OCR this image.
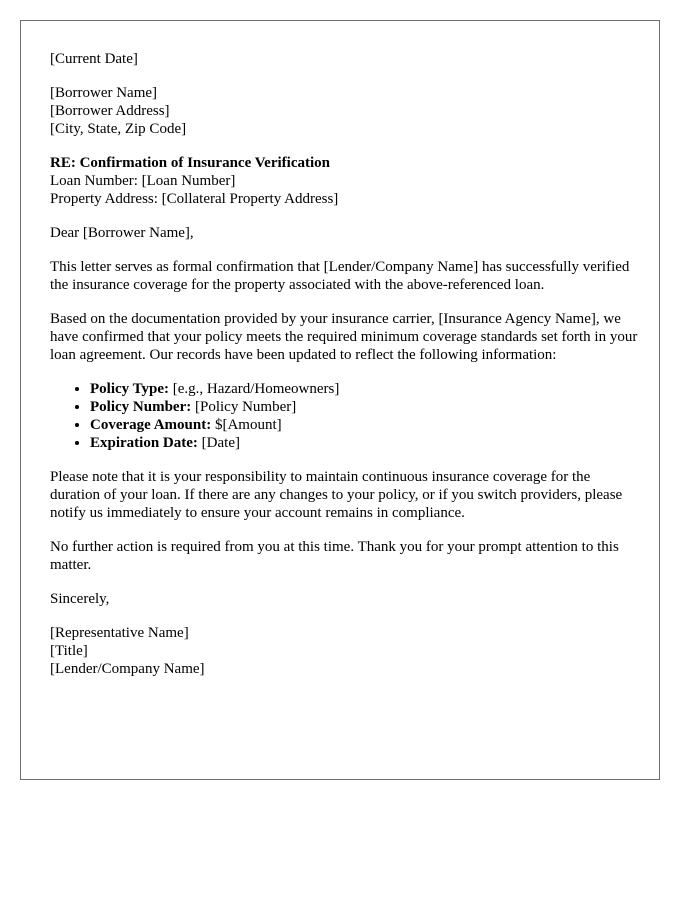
[Current Date]

[Borrower Name]
[Borrower Address]
[City, State, Zip Code]

RE: Confirmation of Insurance Verification
Loan Number: [Loan Number]
Property Address: [Collateral Property Address]

Dear [Borrower Name],

This letter serves as formal confirmation that [Lender/Company Name] has successfully verified the insurance coverage for the property associated with the above-referenced loan.

Based on the documentation provided by your insurance carrier, [Insurance Agency Name], we have confirmed that your policy meets the required minimum coverage standards set forth in your loan agreement. Our records have been updated to reflect the following information:

• Policy Type: [e.g., Hazard/Homeowners]
• Policy Number: [Policy Number]
• Coverage Amount: $[Amount]
• Expiration Date: [Date]

Please note that it is your responsibility to maintain continuous insurance coverage for the duration of your loan. If there are any changes to your policy, or if you switch providers, please notify us immediately to ensure your account remains in compliance.

No further action is required from you at this time. Thank you for your prompt attention to this matter.

Sincerely,

[Representative Name]
[Title]
[Lender/Company Name]
